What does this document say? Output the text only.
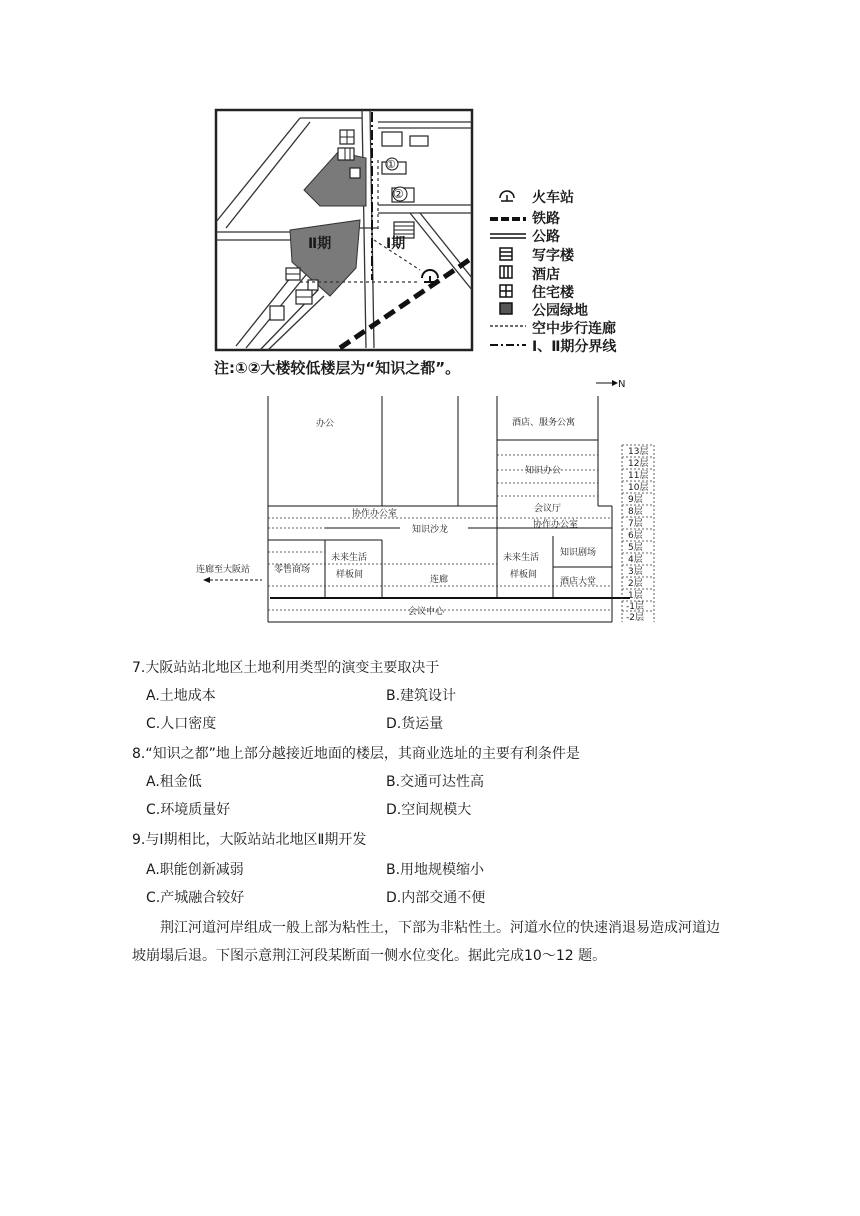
①
②
Ⅱ期	Ⅰ期
火车站
铁路
公路
写字楼
酒店
住宅楼
公园绿地
空中步行连廊
Ⅰ、Ⅱ期分界线
注:①②大楼较低楼层为“知识之都”。
N
13层
12层
11层
10层
9层
8层
7层
6层
5层
4层
3层
2层
1层
-1层
-2层
办公	酒店、服务公寓
知识办公
会议厅
协作办公室
协作办公室
知识沙龙
零售商场
未来生活样板间
未来生活样板间
连廊
知识剧场
酒店大堂
会议中心
连廊至大阪站
7.大阪站站北地区土地利用类型的演变主要取决于
A.土地成本	B.建筑设计
C.人口密度	D.货运量
8.“知识之都”地上部分越接近地面的楼层，其商业选址的主要有利条件是
A.租金低	B.交通可达性高
C.环境质量好	D.空间规模大
9.与Ⅰ期相比，大阪站站北地区Ⅱ期开发
A.职能创新减弱	B.用地规模缩小
C.产城融合较好	D.内部交通不便
荆江河道河岸组成一般上部为粘性土，下部为非粘性土。河道水位的快速消退易造成河道边坡崩塌后退。下图示意荆江河段某断面一侧水位变化。据此完成10～12 题。
